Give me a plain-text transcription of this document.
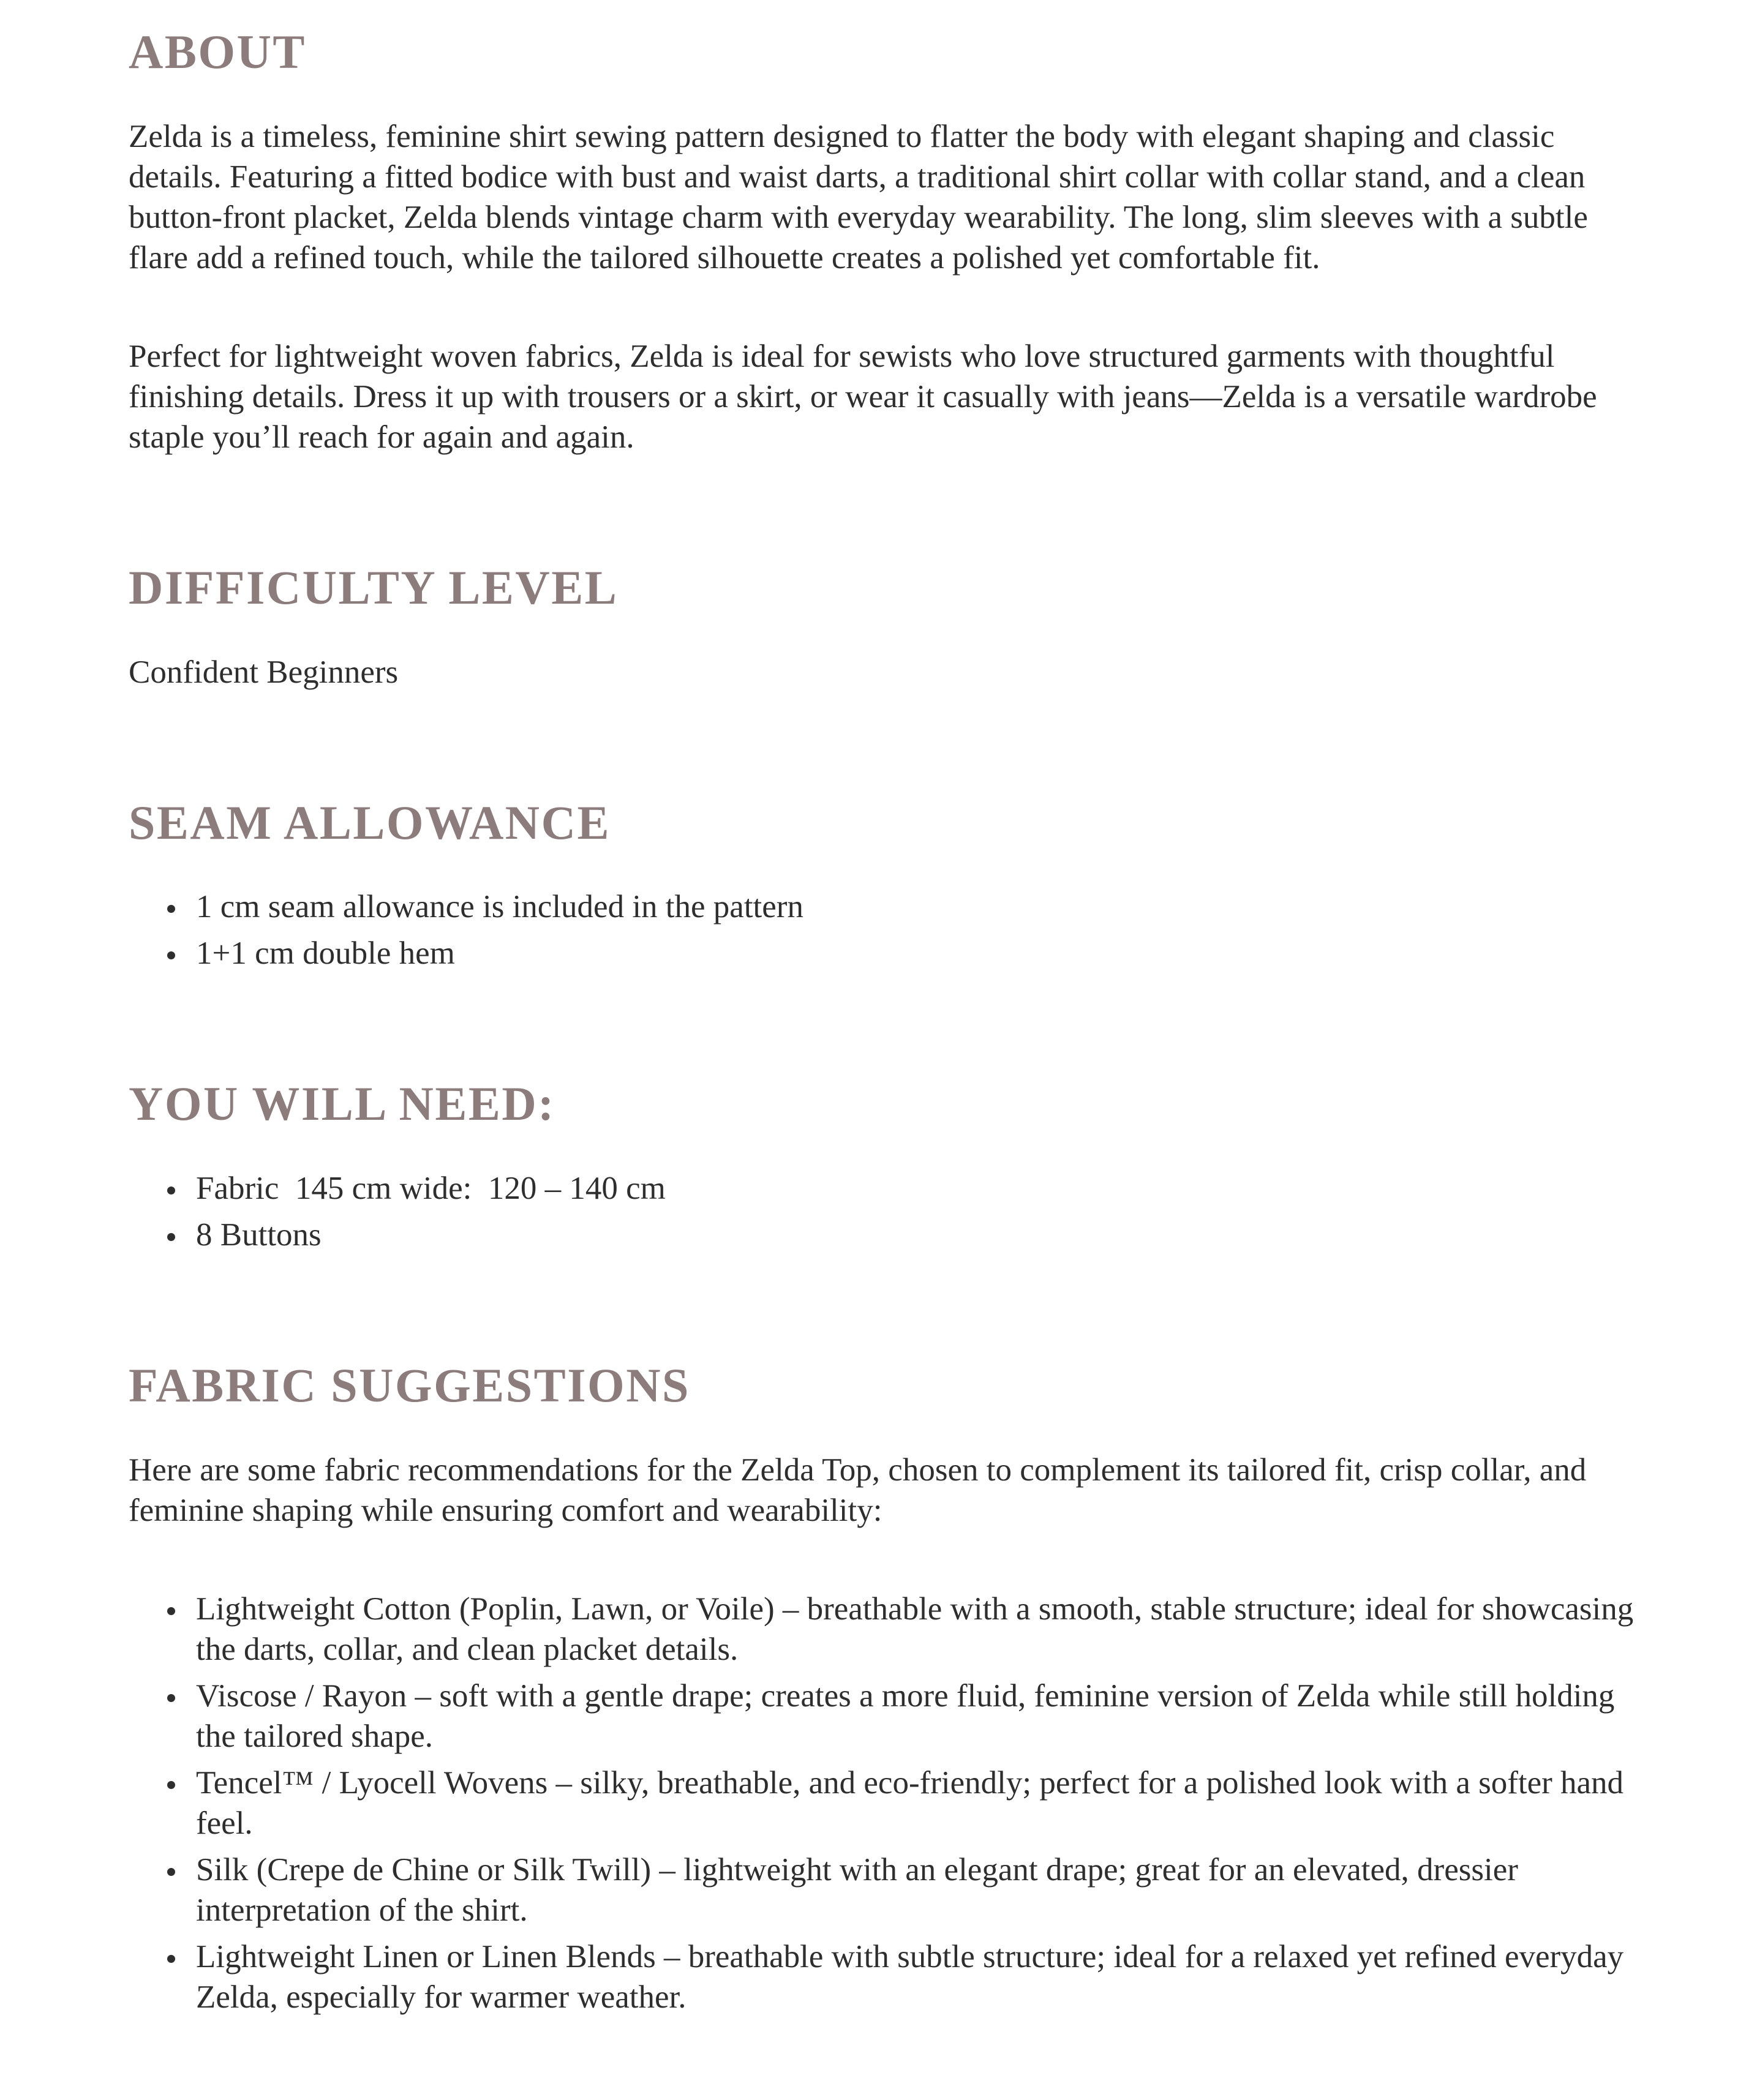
ABOUT

Zelda is a timeless, feminine shirt sewing pattern designed to flatter the body with elegant shaping and classic details. Featuring a fitted bodice with bust and waist darts, a traditional shirt collar with collar stand, and a clean button-front placket, Zelda blends vintage charm with everyday wearability. The long, slim sleeves with a subtle flare add a refined touch, while the tailored silhouette creates a polished yet comfortable fit.

Perfect for lightweight woven fabrics, Zelda is ideal for sewists who love structured garments with thoughtful finishing details. Dress it up with trousers or a skirt, or wear it casually with jeans—Zelda is a versatile wardrobe staple you’ll reach for again and again.

DIFFICULTY LEVEL

Confident Beginners

SEAM ALLOWANCE
• 1 cm seam allowance is included in the pattern
• 1+1 cm double hem
YOU WILL NEED:
• Fabric  145 cm wide:  120 – 140 cm
• 8 Buttons
FABRIC SUGGESTIONS

Here are some fabric recommendations for the Zelda Top, chosen to complement its tailored fit, crisp collar, and feminine shaping while ensuring comfort and wearability:

• Lightweight Cotton (Poplin, Lawn, or Voile) – breathable with a smooth, stable structure; ideal for showcasing the darts, collar, and clean placket details.
• Viscose / Rayon – soft with a gentle drape; creates a more fluid, feminine version of Zelda while still holding the tailored shape.
• Tencel™ / Lyocell Wovens – silky, breathable, and eco-friendly; perfect for a polished look with a softer hand feel.
• Silk (Crepe de Chine or Silk Twill) – lightweight with an elegant drape; great for an elevated, dressier interpretation of the shirt.
• Lightweight Linen or Linen Blends – breathable with subtle structure; ideal for a relaxed yet refined everyday Zelda, especially for warmer weather.
